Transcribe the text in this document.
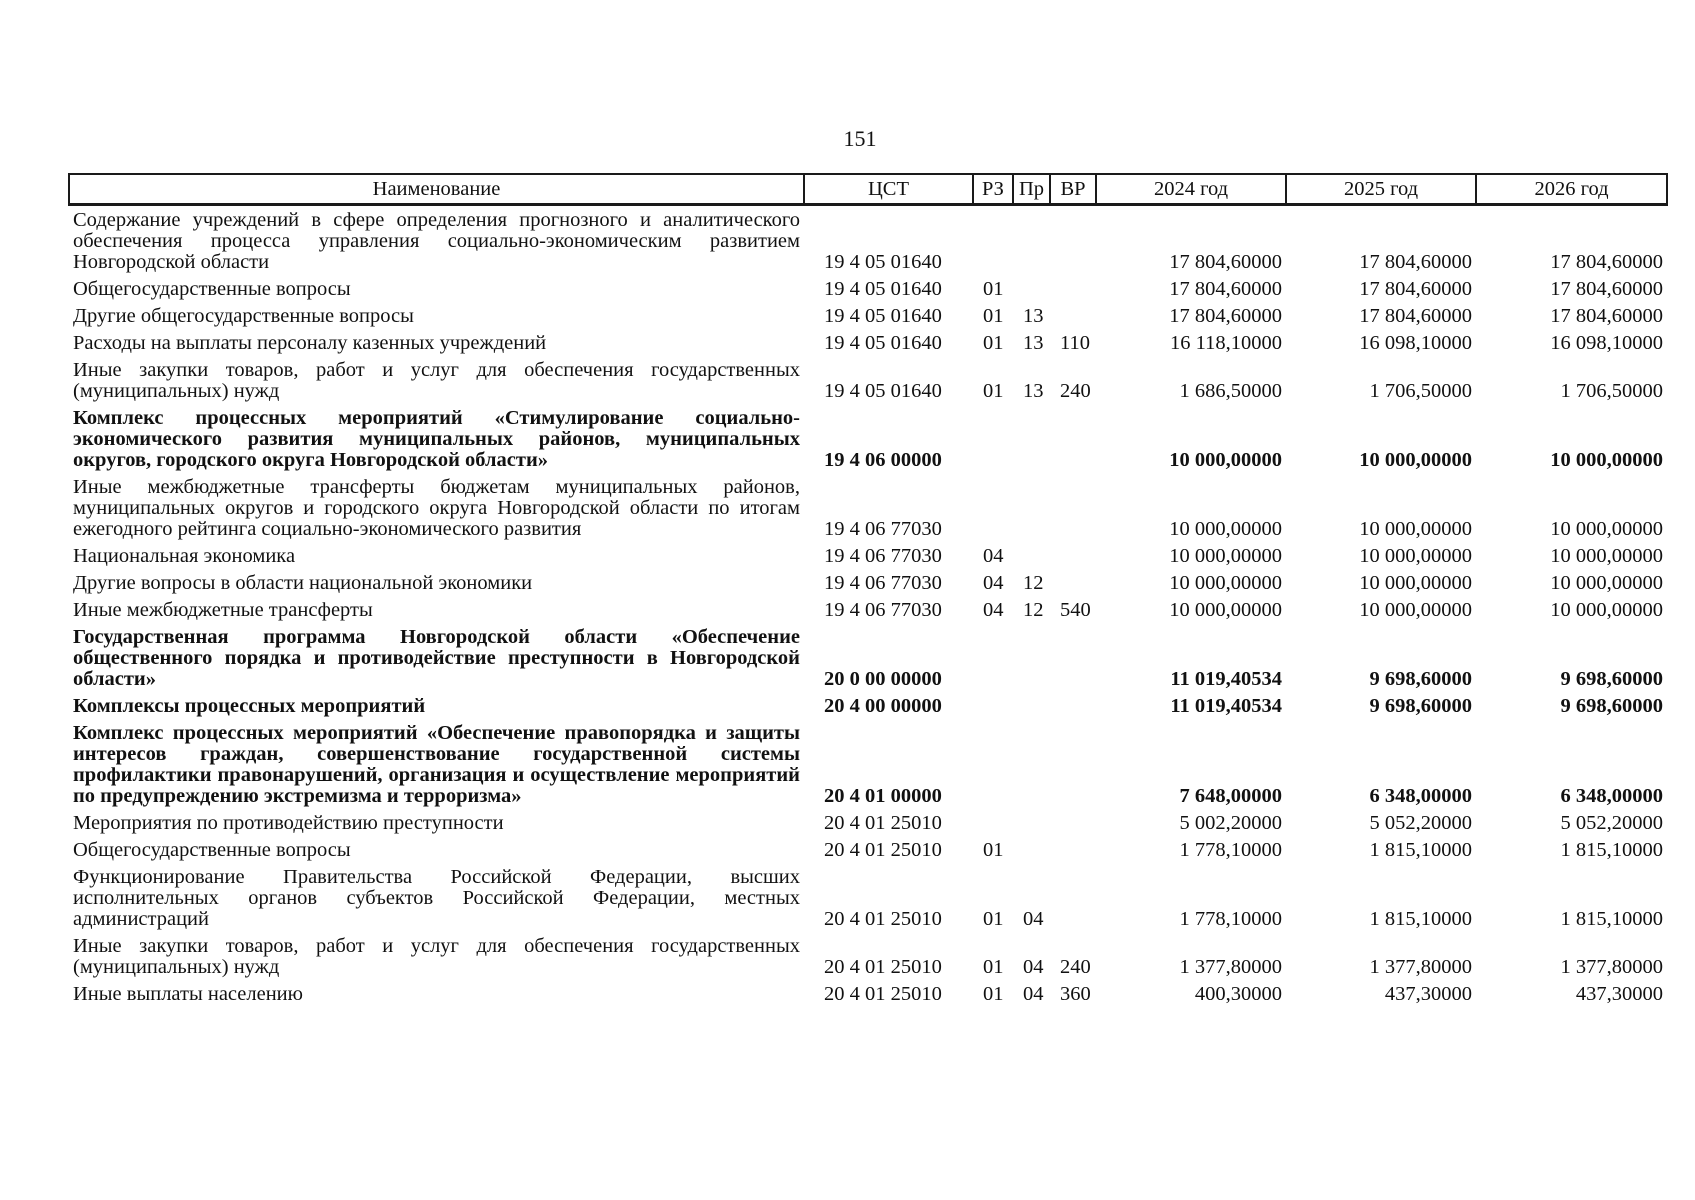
151
Наименование	ЦСТ	РЗ	Пр	ВР	2024 год	2025 год	2026 год
Содержание учреждений в сфере определения прогнозного и аналитического обеспечения процесса управления социально-экономическим развитием Новгородской области	19 4 05 01640				17 804,60000	17 804,60000	17 804,60000
Общегосударственные вопросы	19 4 05 01640	01			17 804,60000	17 804,60000	17 804,60000
Другие общегосударственные вопросы	19 4 05 01640	01	13		17 804,60000	17 804,60000	17 804,60000
Расходы на выплаты персоналу казенных учреждений	19 4 05 01640	01	13	110	16 118,10000	16 098,10000	16 098,10000
Иные закупки товаров, работ и услуг для обеспечения государственных (муниципальных) нужд	19 4 05 01640	01	13	240	1 686,50000	1 706,50000	1 706,50000
Комплекс процессных мероприятий «Стимулирование социально-экономического развития муниципальных районов, муниципальных округов, городского округа Новгородской области»	19 4 06 00000				10 000,00000	10 000,00000	10 000,00000
Иные межбюджетные трансферты бюджетам муниципальных районов, муниципальных округов и городского округа Новгородской области по итогам ежегодного рейтинга социально-экономического развития	19 4 06 77030				10 000,00000	10 000,00000	10 000,00000
Национальная экономика	19 4 06 77030	04			10 000,00000	10 000,00000	10 000,00000
Другие вопросы в области национальной экономики	19 4 06 77030	04	12		10 000,00000	10 000,00000	10 000,00000
Иные межбюджетные трансферты	19 4 06 77030	04	12	540	10 000,00000	10 000,00000	10 000,00000
Государственная программа Новгородской области «Обеспечение общественного порядка и противодействие преступности в Новгородской области»	20 0 00 00000				11 019,40534	9 698,60000	9 698,60000
Комплексы процессных мероприятий	20 4 00 00000				11 019,40534	9 698,60000	9 698,60000
Комплекс процессных мероприятий «Обеспечение правопорядка и защиты интересов граждан, совершенствование государственной системы профилактики правонарушений, организация и осуществление мероприятий по предупреждению экстремизма и терроризма»	20 4 01 00000				7 648,00000	6 348,00000	6 348,00000
Мероприятия по противодействию преступности	20 4 01 25010				5 002,20000	5 052,20000	5 052,20000
Общегосударственные вопросы	20 4 01 25010	01			1 778,10000	1 815,10000	1 815,10000
Функционирование Правительства Российской Федерации, высших исполнительных органов субъектов Российской Федерации, местных администраций	20 4 01 25010	01	04		1 778,10000	1 815,10000	1 815,10000
Иные закупки товаров, работ и услуг для обеспечения государственных (муниципальных) нужд	20 4 01 25010	01	04	240	1 377,80000	1 377,80000	1 377,80000
Иные выплаты населению	20 4 01 25010	01	04	360	400,30000	437,30000	437,30000
